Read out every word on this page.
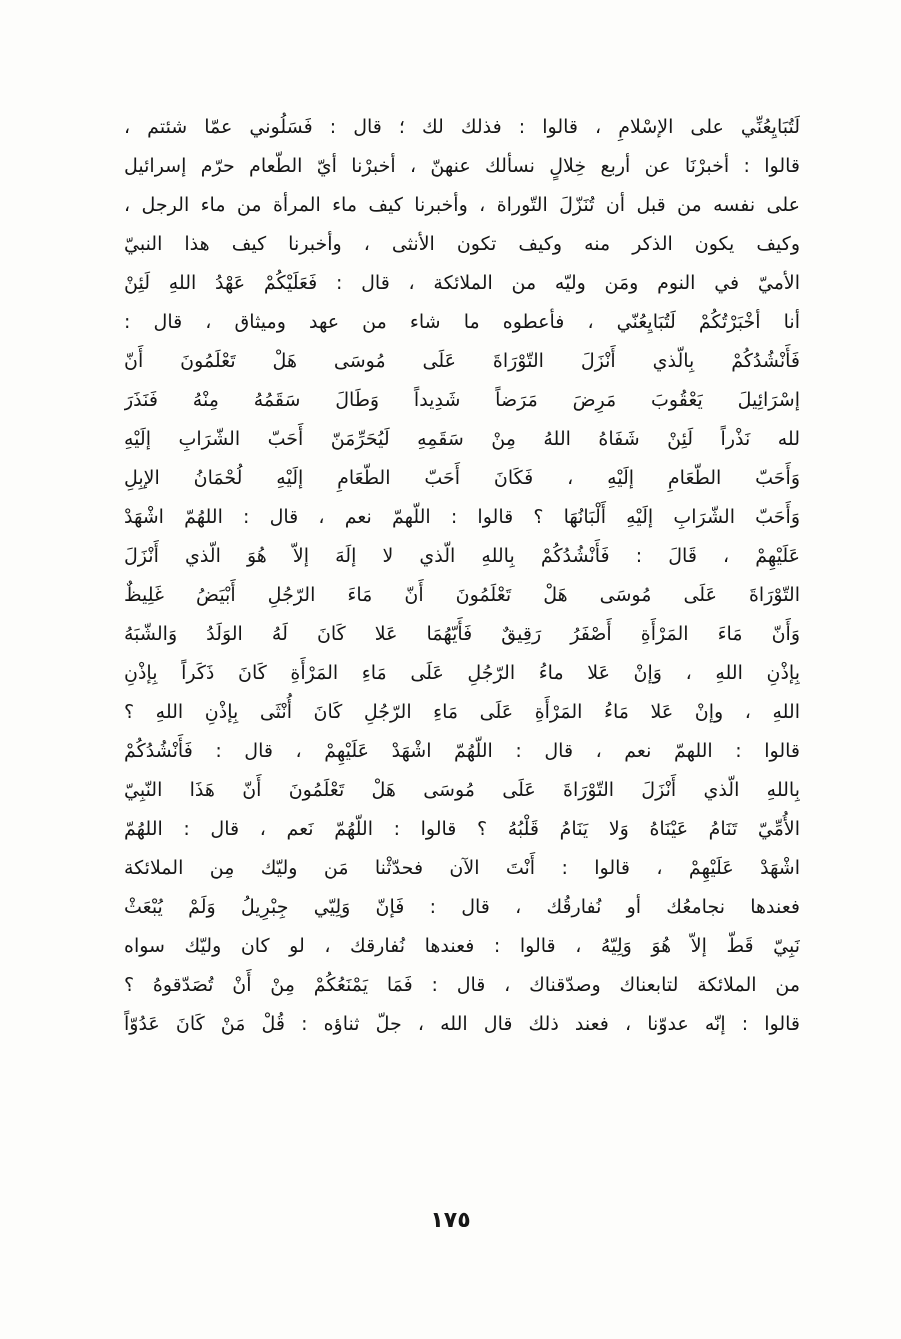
لَتُبَايِعُنِّي على الإسْلامِ ، قالوا : فذلك لك ؛ قال : فَسَلُوني عمّا شئتم ،
قالوا : أخبرْنَا عن أربع خِلالٍ نسألك عنهنّ ، أخبرْنا أيّ الطّعام حرّم إسرائيل
على نفسه من قبل أن تُنَزّلَ التّوراة ، وأخبرنا كيف ماء المرأة من ماء الرجل ،
وكيف يكون الذكر منه وكيف تكون الأنثى ، وأخبرنا كيف هذا النبيّ
الأميّ في النوم ومَن وليّه من الملائكة ، قال : فَعَلَيْكُمْ عَهْدُ اللهِ لَئِنْ
أنا أخْبَرْتُكُمْ لَتُبَايِعُنّي ، فأعطوه ما شاء من عهد وميثاق ، قال :
فَأَنْشُدُكُمْ بِالّذي أَنْزَلَ التّوْرَاةَ عَلَى مُوسَى هَلْ تَعْلَمُونَ أَنّ
إسْرَائِيلَ يَعْقُوبَ مَرِضَ مَرَضاً شَدِيداً وَطَالَ سَقَمُهُ مِنْهُ فَنَذَرَ
لله نَذْراً لَئِنْ شَفَاهُ اللهُ مِنْ سَقَمِهِ لَيُحَرِّمَنّ أَحَبّ الشّرَابِ إلَيْهِ
وَأَحَبّ الطّعَامِ إلَيْهِ ، فَكَانَ أَحَبّ الطّعَامِ إلَيْهِ لُحْمَانُ الإبِلِ
وَأَحَبّ الشّرَابِ إلَيْهِ أَلْبَانُهَا ؟ قالوا : اللّهمّ نعم ، قال : اللهُمّ اشْهَدْ
عَلَيْهِمْ ، قَالَ : فَأَنْشُدُكُمْ بِاللهِ الّذي لا إلَهَ إلاّ هُوَ الّذي أَنْزَلَ
التّوْرَاةَ عَلَى مُوسَى هَلْ تَعْلَمُونَ أَنّ مَاءَ الرّجُلِ أَبْيَضُ غَلِيظٌ
وَأَنّ مَاءَ المَرْأَةِ أَصْفَرُ رَقِيقٌ فَأَيّهُمَا عَلا كَانَ لَهُ الوَلَدُ وَالشّبَهُ
بِإذْنِ اللهِ ، وَإنْ عَلا ماءُ الرّجُلِ عَلَى مَاءِ المَرْأَةِ كَانَ ذَكَراً بِإذْنِ
اللهِ ، وإنْ عَلا مَاءُ المَرْأَةِ عَلَى مَاءِ الرّجُلِ كَانَ أُنْثَى بِإذْنِ اللهِ ؟
قالوا : اللهمّ نعم ، قال : اللّهُمّ اشْهَدْ عَلَيْهِمْ ، قال : فَأَنْشُدُكُمْ
بِاللهِ الّذي أَنْزَلَ التّوْرَاةَ عَلَى مُوسَى هَلْ تَعْلَمُونَ أَنّ هَذَا النّبِيّ
الأُمِّيّ تَنَامُ عَيْنَاهُ وَلا يَنَامُ قَلْبُهُ ؟ قالوا : اللّهُمّ نَعم ، قال : اللهُمّ
اشْهَدْ عَلَيْهِمْ ، قالوا : أَنْتَ الآن فحدّثْنا مَن وليّك مِن الملائكة
فعندها نجامعُك أو نُفارقُك ، قال : فَإنّ وَلِيّي جِبْرِيلُ وَلَمْ يُبْعَثْ
نَبِيّ قَطّ إلاّ هُوَ وَلِيّهُ ، قالوا : فعندها نُفارقك ، لو كان وليّك سواه
من الملائكة لتابعناك وصدّقناك ، قال : فَمَا يَمْنَعُكُمْ مِنْ أَنْ تُصَدّقوهُ ؟
قالوا : إنّه عدوّنا ، فعند ذلك قال الله ، جلّ ثناؤه : قُلْ مَنْ كَانَ عَدُوّاً
١٧٥
